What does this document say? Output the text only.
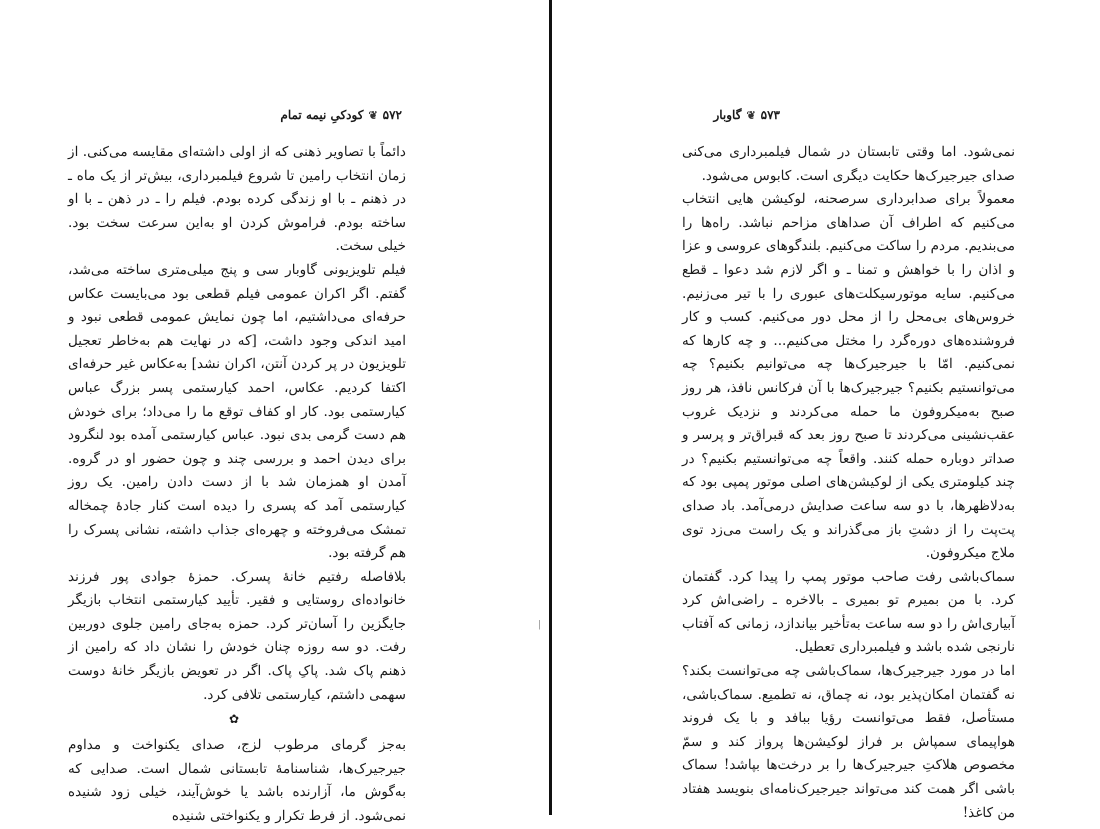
۵۷۲
❦
کودکیِ نیمه تمام

دائماً با تصاویر ذهنی که از اولی داشته‌ای مقایسه می‌کنی. از زمان انتخاب رامین تا شروع فیلمبرداری، بیش‌تر از یک ماه ـ در ذهنم ـ با او زندگی کرده بودم. فیلم را ـ در ذهن ـ با او ساخته بودم. فراموش کردن او به‌این سرعت سخت بود. خیلی سخت.

فیلم تلویزیونی گاوبار سی و پنج میلی‌متری ساخته می‌شد، گفتم. اگر اکران عمومی فیلم قطعی بود می‌بایست عکاس حرفه‌ای می‌داشتیم، اما چون نمایش عمومی قطعی نبود و امید اندکی وجود داشت، [که در نهایت هم به‌خاطر تعجیل تلویزیون در پر کردن آنتن، اکران نشد] به‌عکاس غیر حرفه‌ای اکتفا کردیم. عکاس، احمد کیارستمی پسر بزرگ عباس کیارستمی بود. کار او کفاف توقع ما را می‌داد؛ برای خودش هم دست گرمی بدی نبود. عباس کیارستمی آمده بود لنگرود برای دیدن احمد و بررسی چند و چون حضور او در گروه. آمدن او همزمان شد با از دست دادن رامین. یک روز کیارستمی آمد که پسری را دیده است کنار جادهٔ چمخاله تمشک می‌فروخته و چهره‌ای جذاب داشته، نشانی پسرک را هم گرفته بود.

بلافاصله رفتیم خانهٔ پسرک. حمزهٔ جوادی پور فرزند خانواده‌ای روستایی و فقیر. تأیید کیارستمی انتخاب بازیگر جایگزین را آسان‌تر کرد. حمزه به‌جای رامین جلوی دوربین رفت. دو سه روزه چنان خودش را نشان داد که رامین از ذهنم پاک شد. پاکِ پاک. اگر در تعویض بازیگر خانهٔ دوست سهمی داشتم، کیارستمی تلافی کرد.

✿

به‌جز گرمای مرطوب لزج، صدای یکنواخت و مداوم جیرجیرک‌ها، شناسنامهٔ تابستانی شمال است. صدایی که به‌گوش ما، آزارنده باشد یا خوش‌آیند، خیلی زود شنیده نمی‌شود. از فرط تکرار و یکنواختی شنیده

|
۵۷۳
❦
گاوبار

نمی‌شود. اما وقتی تابستان در شمال فیلمبرداری می‌کنی صدای جیرجیرک‌ها حکایت دیگری است. کابوس می‌شود.

معمولاً برای صدابرداری سرصحنه، لوکیشن هایی انتخاب می‌کنیم که اطراف آن صداهای مزاحم نباشد. راه‌ها را می‌بندیم. مردم را ساکت می‌کنیم. بلندگوهای عروسی و عزا و اذان را با خواهش و تمنا ـ و اگر لازم شد دعوا ـ قطع می‌کنیم. سایه موتورسیکلت‌های عبوری را با تیر می‌زنیم. خروس‌های بی‌محل را از محل دور می‌کنیم. کسب و کار فروشنده‌های دوره‌گرد را مختل می‌کنیم... و چه کارها که نمی‌کنیم. امّا با جیرجیرک‌ها چه می‌توانیم بکنیم؟ چه می‌توانستیم بکنیم؟ جیرجیرک‌ها با آن فرکانس نافذ، هر روز صبح به‌میکروفون ما حمله می‌کردند و نزدیک غروب عقب‌نشینی می‌کردند تا صبح روز بعد که قبراق‌تر و پرسر و صداتر دوباره حمله کنند. واقعاً چه می‌توانستیم بکنیم؟ در چند کیلومتری یکی از لوکیشن‌های اصلی موتور پمپی بود که به‌دلاظهرها، با دو سه ساعت صدایش درمی‌آمد. باد صدای پت‌پت را از دشتِ باز می‌گذراند و یک راست می‌زد توی ملاج میکروفون.

سماک‌باشی رفت صاحب موتور پمپ را پیدا کرد. گفتمان کرد. با من بمیرم تو بمیری ـ بالاخره ـ راضی‌اش کرد آبیاری‌اش را دو سه ساعت به‌تأخیر بیاندازد، زمانی که آفتاب نارنجی شده باشد و فیلمبرداری تعطیل.

اما در مورد جیرجیرک‌ها، سماک‌باشی چه می‌توانست بکند؟ نه گفتمان امکان‌پذیر بود، نه چماق، نه تطمیع. سماک‌باشی، مستأصل، فقط می‌توانست رؤیا ببافد و با یک فروند هواپیمای سمپاش بر فراز لوکیشن‌ها پرواز کند و سمّ مخصوص هلاکتِ جیرجیرک‌ها را بر درخت‌ها بپاشد! سماک باشی اگر همت کند می‌تواند جیرجیرک‌نامه‌ای بنویسد هفتاد من کاغذ!
